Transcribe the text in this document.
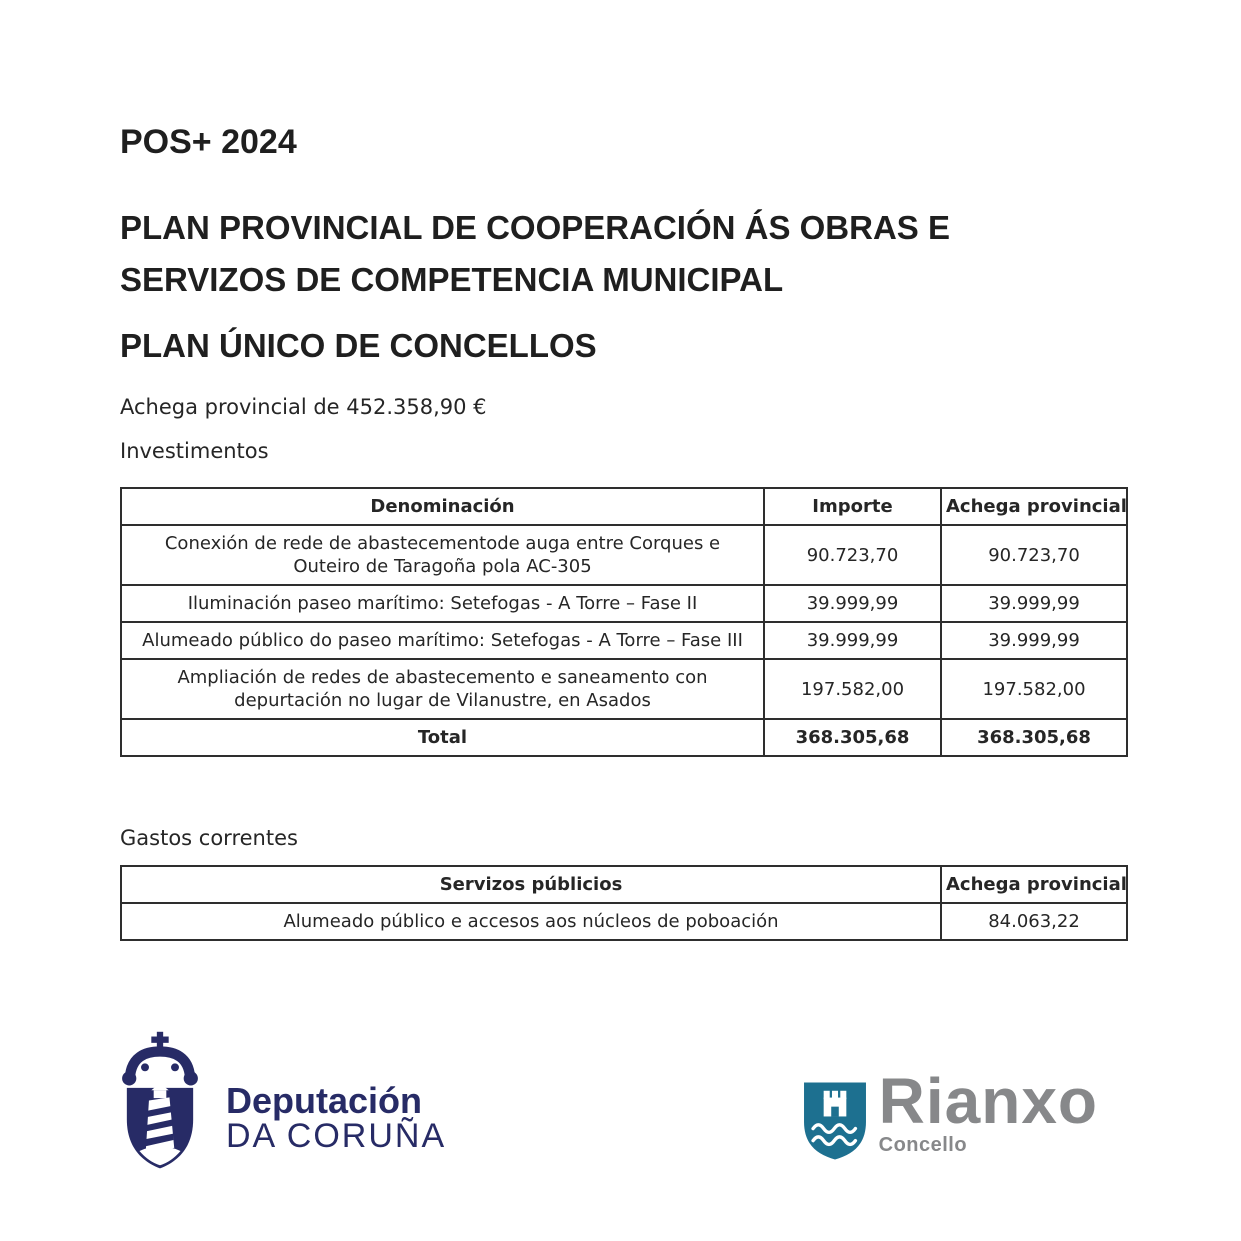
POS+ 2024
PLAN PROVINCIAL DE COOPERACIÓN ÁS OBRAS E SERVIZOS DE COMPETENCIA MUNICIPAL
PLAN ÚNICO DE CONCELLOS

Achega provincial de 452.358,90 €

Investimentos

Denominación	Importe	Achega provincial
Conexión de rede de abastecementode auga entre Corques e Outeiro de Taragoña pola AC-305	90.723,70	90.723,70
Iluminación paseo marítimo: Setefogas - A Torre – Fase II	39.999,99	39.999,99
Alumeado público do paseo marítimo: Setefogas - A Torre – Fase III	39.999,99	39.999,99
Ampliación de redes de abastecemento e saneamento con depurtación no lugar de Vilanustre, en Asados	197.582,00	197.582,00
Total	368.305,68	368.305,68

Gastos correntes

Servizos públicios	Achega provincial
Alumeado público e accesos aos núcleos de poboación	84.063,22
Deputación
DA CORUÑA	Rianxo
Concello
